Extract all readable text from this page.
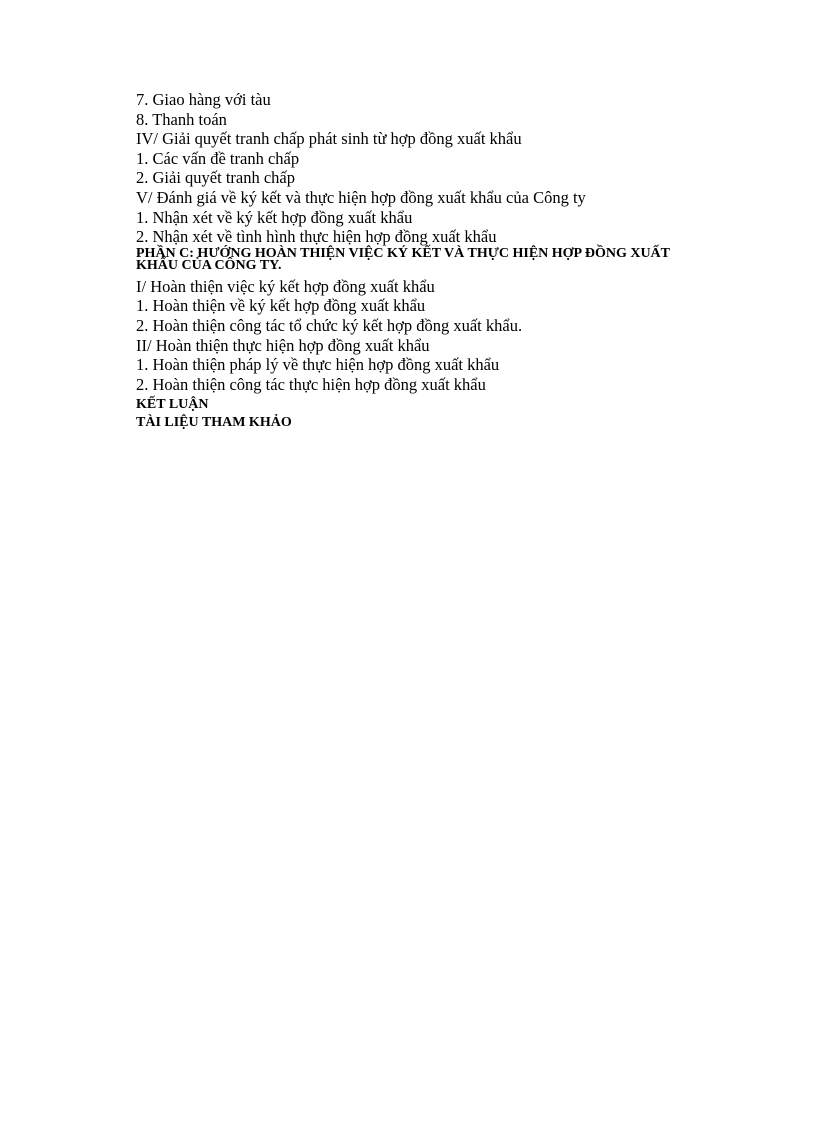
7. Giao hàng với tàu
8. Thanh toán
IV/ Giải quyết tranh chấp phát sinh từ hợp đồng xuất khẩu
1. Các vấn đề tranh chấp
2. Giải quyết tranh chấp
V/ Đánh giá về ký kết và thực hiện hợp đồng xuất khẩu của Công ty
1. Nhận xét về ký kết hợp đồng xuất khẩu
2. Nhận xét về tình hình thực hiện hợp đồng xuất khẩu
PHẦN C: HƯỚNG HOÀN THIỆN VIỆC KÝ KẾT VÀ THỰC HIỆN HỢP ĐỒNG XUẤT KHẨU CỦA CÔNG TY.
I/ Hoàn thiện việc ký kết hợp đồng xuất khẩu
1. Hoàn thiện về ký kết hợp đồng xuất khẩu
2. Hoàn thiện công tác tổ chức ký kết hợp đồng xuất khẩu.
II/ Hoàn thiện thực hiện hợp đồng xuất khẩu
1. Hoàn thiện pháp lý về thực hiện hợp đồng xuất khẩu
2. Hoàn thiện công tác thực hiện hợp đồng xuất khẩu
KẾT LUẬN
TÀI LIỆU THAM KHẢO
